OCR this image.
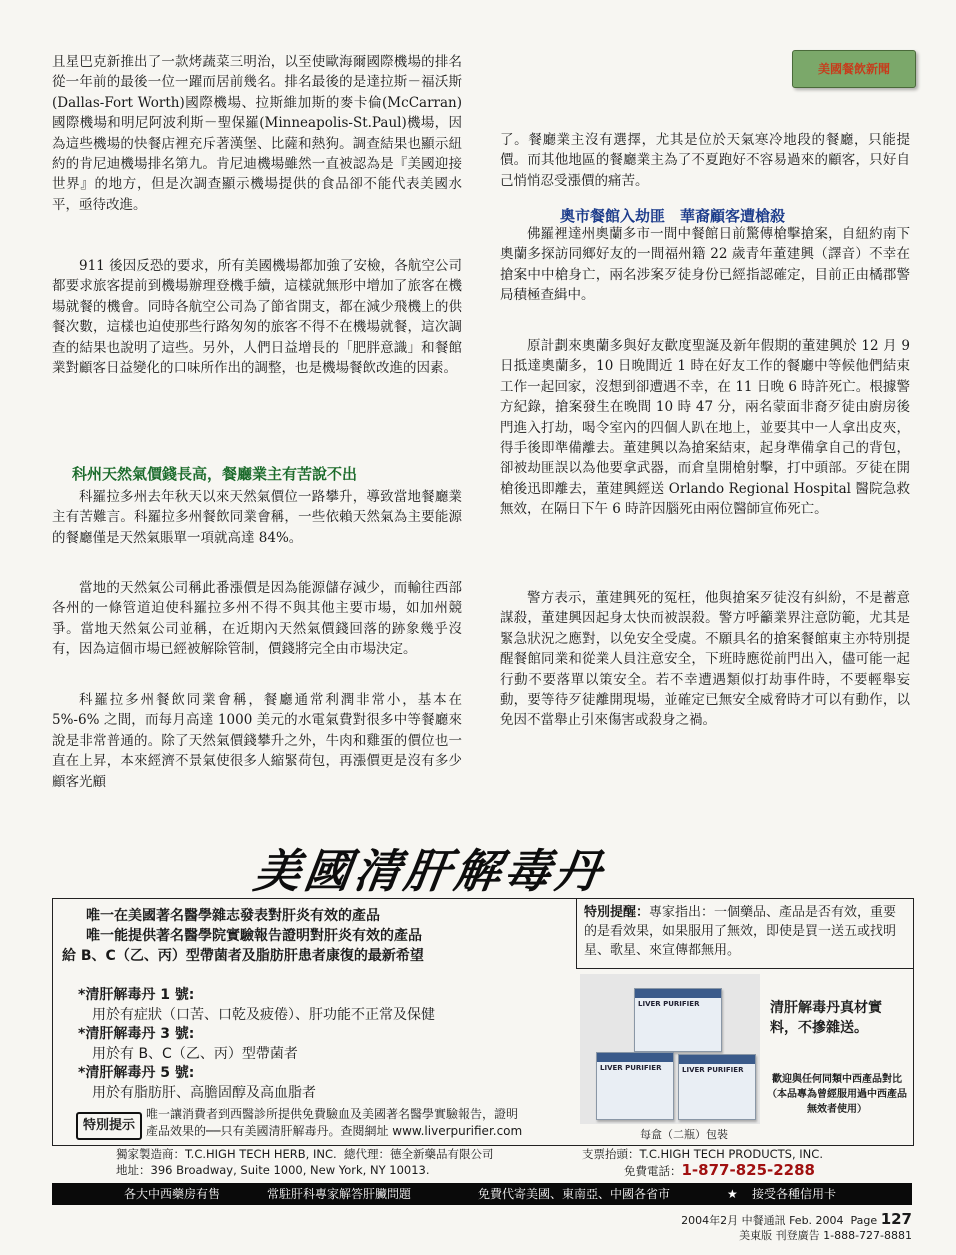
美國餐飲新聞

且星巴克新推出了一款烤蔬菜三明治，以至使歐海爾國際機場的排名從一年前的最後一位一躍而居前幾名。排名最後的是達拉斯－福沃斯(Dallas-Fort Worth)國際機場、拉斯維加斯的麥卡倫(McCarran)國際機場和明尼阿波利斯－聖保羅(Minneapolis-St.Paul)機場，因為這些機場的快餐店裡充斥著漢堡、比薩和熱狗。調查結果也顯示紐約的肯尼迪機場排名第九。肯尼迪機場雖然一直被認為是『美國迎接世界』的地方，但是次調查顯示機場提供的食品卻不能代表美國水平，亟待改進。

911 後因反恐的要求，所有美國機場都加強了安檢，各航空公司都要求旅客提前到機場辦理登機手續，這樣就無形中增加了旅客在機場就餐的機會。同時各航空公司為了節省開支，都在減少飛機上的供餐次數，這樣也迫使那些行路匆匆的旅客不得不在機場就餐，這次調查的結果也說明了這些。另外，人們日益增長的「肥胖意識」和餐館業對顧客日益變化的口味所作出的調整，也是機場餐飲改進的因素。

科州天然氣價錢長高，餐廳業主有苦說不出

科羅拉多州去年秋天以來天然氣價位一路攀升，導致當地餐廳業主有苦難言。科羅拉多州餐飲同業會稱，一些依賴天然氣為主要能源的餐廳僅是天然氣賬單一項就高達 84%。

當地的天然氣公司稱此番漲價是因為能源儲存減少，而輸往西部各州的一條管道迫使科羅拉多州不得不與其他主要市場，如加州競爭。當地天然氣公司並稱，在近期內天然氣價錢回落的跡象幾乎沒有，因為這個市場已經被解除管制，價錢將完全由市場決定。

科羅拉多州餐飲同業會稱，餐廳通常利潤非常小，基本在 5%-6% 之間，而每月高達 1000 美元的水電氣費對很多中等餐廳來說是非常普通的。除了天然氣價錢攀升之外，牛肉和雞蛋的價位也一直在上昇，本來經濟不景氣使很多人縮緊荷包，再漲價更是沒有多少顧客光顧

了。餐廳業主沒有選擇，尤其是位於天氣寒冷地段的餐廳，只能提價。而其他地區的餐廳業主為了不夏跑好不容易過來的顧客，只好自己悄悄忍受漲價的痛苦。

奧市餐館入劫匪　華裔顧客遭槍殺

佛羅裡達州奧蘭多市一間中餐館日前驚傳槍擊搶案，自紐約南下奧蘭多探訪同鄉好友的一間福州籍 22 歲青年董建興（譯音）不幸在搶案中中槍身亡，兩名涉案歹徒身份已經指認確定，目前正由橘郡警局積極查緝中。

原計劃來奧蘭多與好友歡度聖誕及新年假期的董建興於 12 月 9 日抵達奧蘭多，10 日晚間近 1 時在好友工作的餐廳中等候他們結束工作一起回家，沒想到卻遭遇不幸，在 11 日晚 6 時許死亡。根據警方紀錄，搶案發生在晚間 10 時 47 分，兩名蒙面非裔歹徒由廚房後門進入打劫，喝令室內的四個人趴在地上，並要其中一人拿出皮夾，得手後即準備離去。董建興以為搶案結束，起身準備拿自己的背包，卻被劫匪誤以為他要拿武器，而倉皇開槍射擊，打中頭部。歹徒在開槍後迅即離去，董建興經送 Orlando Regional Hospital 醫院急救無效，在隔日下午 6 時許因腦死由兩位醫師宣佈死亡。

警方表示，董建興死的冤枉，他與搶案歹徒沒有糾紛，不是蓄意謀殺，董建興因起身太快而被誤殺。警方呼籲業界注意防範，尤其是緊急狀況之應對，以免安全受虞。不願具名的搶案餐館東主亦特別提醒餐館同業和從業人員注意安全，下班時應從前門出入，儘可能一起行動不要落單以策安全。若不幸遭遇類似打劫事件時，不要輕舉妄動，要等待歹徒離開現場，並確定已無安全威脅時才可以有動作，以免因不當舉止引來傷害或殺身之禍。

美國清肝解毒丹
唯一在美國著名醫學雜志發表對肝炎有效的產品
唯一能提供著名醫學院實驗報告證明對肝炎有效的產品
給 B、C（乙、丙）型帶菌者及脂肪肝患者康復的最新希望
特別提醒：專家指出：一個藥品、產品是否有效，重要的是看效果，如果服用了無效，即使是買一送五或找明星、歌星、來宣傳都無用。
*清肝解毒丹 1 號:
用於有症狀（口苦、口乾及疲倦）、肝功能不正常及保健
*清肝解毒丹 3 號:
用於有 B、C（乙、丙）型帶菌者
*清肝解毒丹 5 號:
用於有脂肪肝、高膽固醇及高血脂者
特別提示
唯一讓消費者到西醫診所提供免費驗血及美國著名醫學實驗報告，證明
產品效果的──只有美國清肝解毒丹。查閱網址 www.liverpurifier.com
LIVER PURIFIER
LIVER PURIFIER	LIVER PURIFIER
每盒（二瓶）包裝
清肝解毒丹真材實料，不摻雜送。
歡迎與任何同類中西產品對比
（本品專為曾經服用過中西產品無效者使用）
獨家製造商：T.C.HIGH TECH HERB, INC. 總代理：德全新藥品有限公司
地址：396 Broadway, Suite 1000, New York, NY 10013.
支票抬頭：T.C.HIGH TECH PRODUCTS, INC.
免費電話：1-877-825-2288
各大中西藥房有售	常駐肝科專家解答肝臟問題	免費代寄美國、東南亞、中國各省市	★ 接受各種信用卡
2004年2月 中餐通訊 Feb. 2004 Page 127
美東版 刊登廣告 1-888-727-8881
